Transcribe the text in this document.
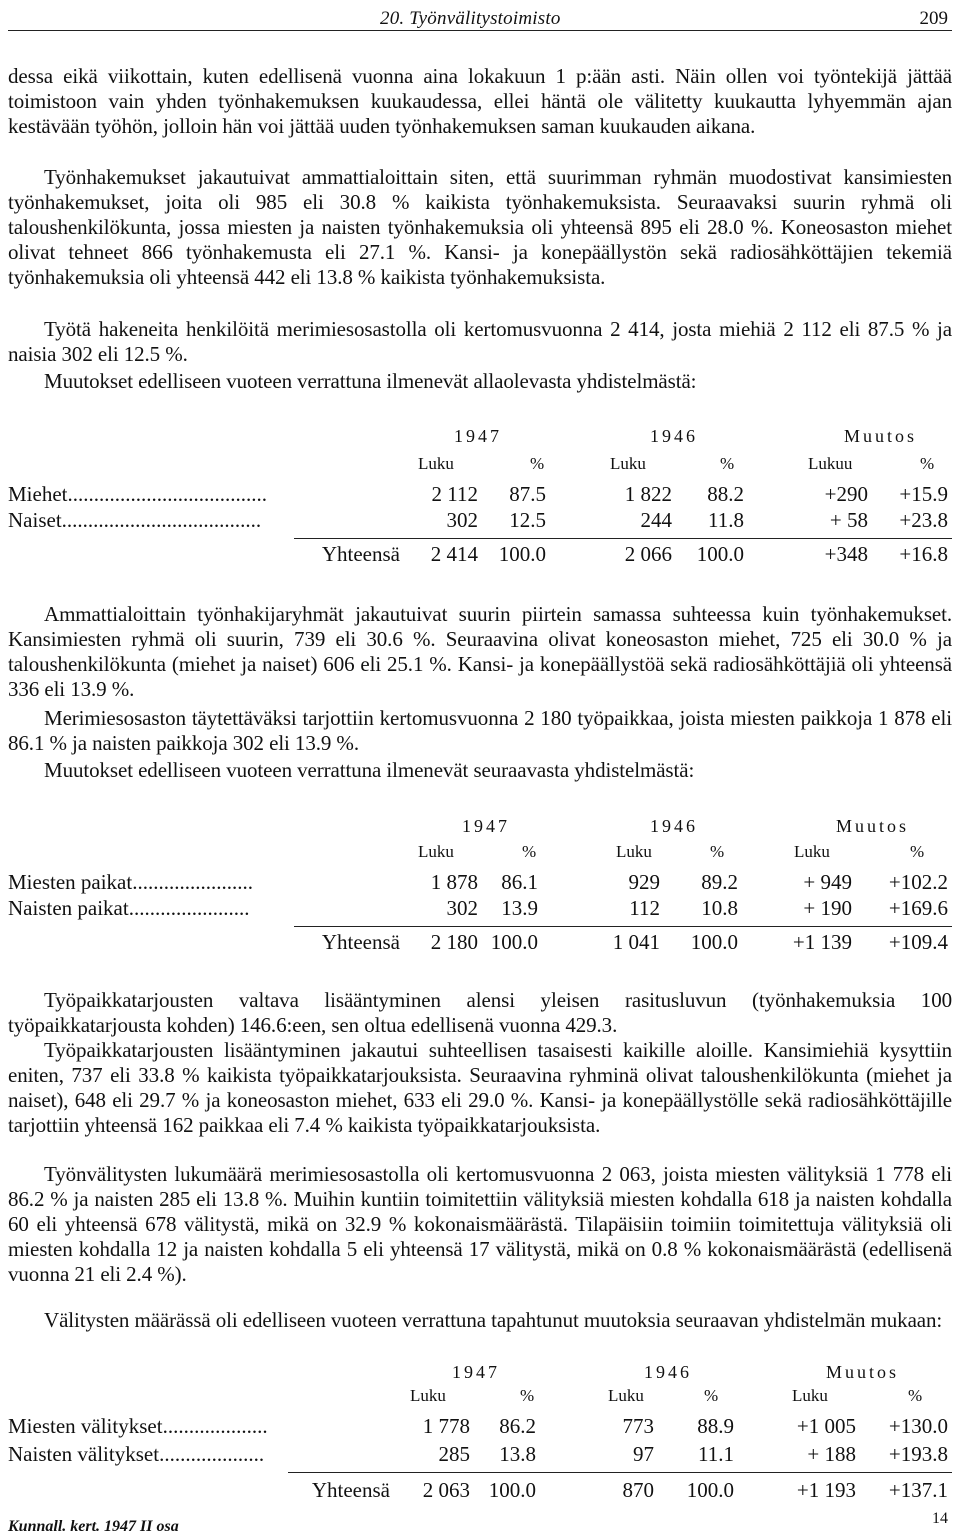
20. Työnvälitystoimisto	209

dessa eikä viikottain, kuten edellisenä vuonna aina lokakuun 1 p:ään asti. Näin ollen voi työntekijä jättää toimistoon vain yhden työnhakemuksen kuukaudessa, ellei häntä ole välitetty kuukautta lyhyemmän ajan kestävään työhön, jolloin hän voi jättää uuden työnhakemuksen saman kuukauden aikana.

Työnhakemukset jakautuivat ammattialoittain siten, että suurimman ryhmän muodostivat kansimiesten työnhakemukset, joita oli 985 eli 30.8 % kaikista työnhakemuksista. Seuraavaksi suurin ryhmä oli taloushenkilökunta, jossa miesten ja naisten työnhakemuksia oli yhteensä 895 eli 28.0 %. Koneosaston miehet olivat tehneet 866 työnhakemusta eli 27.1 %. Kansi- ja konepäällystön sekä radiosähköttäjien tekemiä työnhakemuksia oli yhteensä 442 eli 13.8 % kaikista työnhakemuksista.

Työtä hakeneita henkilöitä merimiesosastolla oli kertomusvuonna 2 414, josta miehiä 2 112 eli 87.5 % ja naisia 302 eli 12.5 %.

Muutokset edelliseen vuoteen verrattuna ilmenevät allaolevasta yhdistelmästä:

1947	1946	Muutos
Luku	%	Luku	%	Lukuu	%
Miehet......................................	2 112 87.5	1 822 88.2	+290 +15.9
Naiset......................................	302 12.5	244 11.8	+ 58 +23.8
Yhteensä 2 414 100.0	2 066 100.0	+348 +16.8

Ammattialoittain työnhakijaryhmät jakautuivat suurin piirtein samassa suhteessa kuin työnhakemukset. Kansimiesten ryhmä oli suurin, 739 eli 30.6 %. Seuraavina olivat koneosaston miehet, 725 eli 30.0 % ja taloushenkilökunta (miehet ja naiset) 606 eli 25.1 %. Kansi- ja konepäällystöä sekä radiosähköttäjiä oli yhteensä 336 eli 13.9 %.

Merimiesosaston täytettäväksi tarjottiin kertomusvuonna 2 180 työpaikkaa, joista miesten paikkoja 1 878 eli 86.1 % ja naisten paikkoja 302 eli 13.9 %.

Muutokset edelliseen vuoteen verrattuna ilmenevät seuraavasta yhdistelmästä:

1947	1946	Muutos
Luku	%	Luku	%	Luku	%
Miesten paikat.......................	1 878 86.1	929 89.2	+ 949 +102.2
Naisten paikat.......................	302 13.9	112 10.8	+ 190 +169.6
Yhteensä 2 180 100.0	1 041 100.0	+1 139 +109.4

Työpaikkatarjousten valtava lisääntyminen alensi yleisen rasitusluvun (työnhakemuksia 100 työpaikkatarjousta kohden) 146.6:een, sen oltua edellisenä vuonna 429.3.

Työpaikkatarjousten lisääntyminen jakautui suhteellisen tasaisesti kaikille aloille. Kansimiehiä kysyttiin eniten, 737 eli 33.8 % kaikista työpaikkatarjouksista. Seuraavina ryhminä olivat taloushenkilökunta (miehet ja naiset), 648 eli 29.7 % ja koneosaston miehet, 633 eli 29.0 %. Kansi- ja konepäällystölle sekä radiosähköttäjille tarjottiin yhteensä 162 paikkaa eli 7.4 % kaikista työpaikkatarjouksista.

Työnvälitysten lukumäärä merimiesosastolla oli kertomusvuonna 2 063, joista miesten välityksiä 1 778 eli 86.2 % ja naisten 285 eli 13.8 %. Muihin kuntiin toimitettiin välityksiä miesten kohdalla 618 ja naisten kohdalla 60 eli yhteensä 678 välitystä, mikä on 32.9 % kokonaismäärästä. Tilapäisiin toimiin toimitettuja välityksiä oli miesten kohdalla 12 ja naisten kohdalla 5 eli yhteensä 17 välitystä, mikä on 0.8 % kokonaismäärästä (edellisenä vuonna 21 eli 2.4 %).

Välitysten määrässä oli edelliseen vuoteen verrattuna tapahtunut muutoksia seuraavan yhdistelmän mukaan:

1947	1946	Muutos
Luku	%	Luku	%	Luku	%
Miesten välitykset....................	1 778 86.2	773 88.9	+1 005 +130.0
Naisten välitykset....................	285 13.8	97 11.1	+ 188 +193.8
Yhteensä 2 063 100.0	870 100.0	+1 193 +137.1
Kunnall. kert. 1947 II osa	14
